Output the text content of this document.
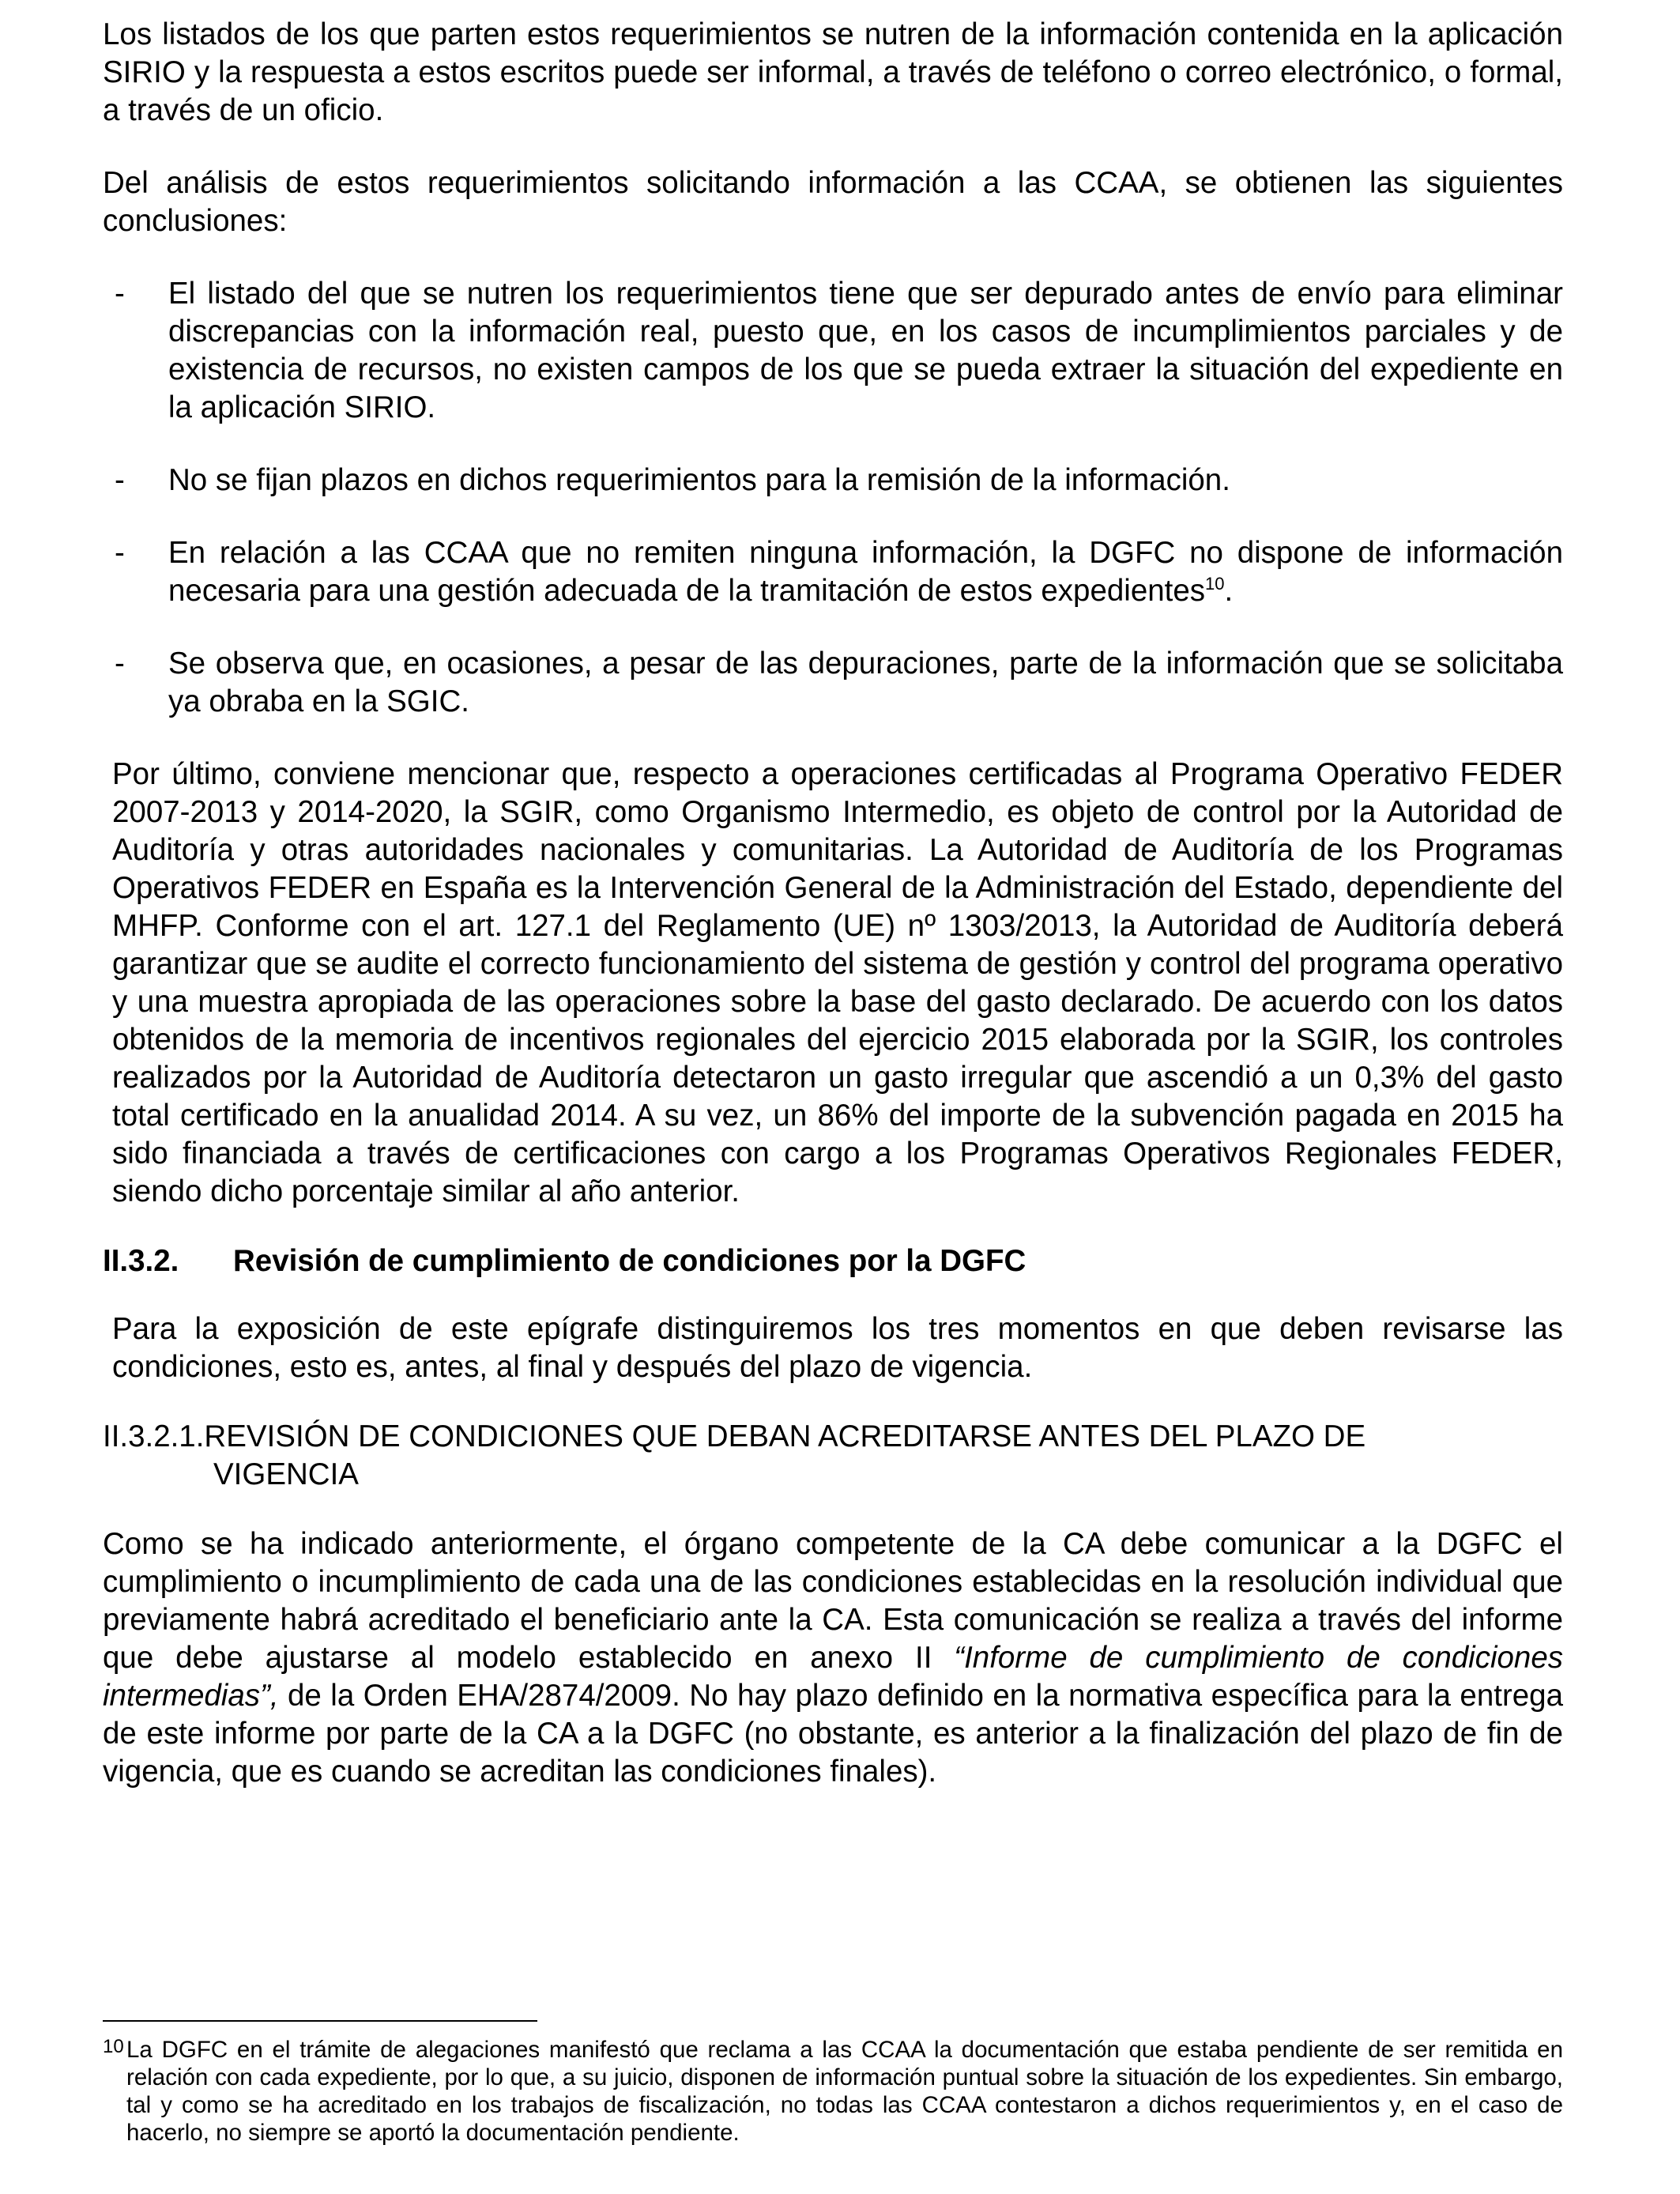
Los listados de los que parten estos requerimientos se nutren de la información contenida en la aplicación SIRIO y la respuesta a estos escritos puede ser informal, a través de teléfono o correo electrónico, o formal, a través de un oficio.

Del análisis de estos requerimientos solicitando información a las CCAA, se obtienen las siguientes conclusiones:

- El listado del que se nutren los requerimientos tiene que ser depurado antes de envío para eliminar discrepancias con la información real, puesto que, en los casos de incumplimientos parciales y de existencia de recursos, no existen campos de los que se pueda extraer la situación del expediente en la aplicación SIRIO.
- No se fijan plazos en dichos requerimientos para la remisión de la información.
- En relación a las CCAA que no remiten ninguna información, la DGFC no dispone de información necesaria para una gestión adecuada de la tramitación de estos expedientes$^{10}$.
- Se observa que, en ocasiones, a pesar de las depuraciones, parte de la información que se solicitaba ya obraba en la SGIC.

Por último, conviene mencionar que, respecto a operaciones certificadas al Programa Operativo FEDER 2007-2013 y 2014-2020, la SGIR, como Organismo Intermedio, es objeto de control por la Autoridad de Auditoría y otras autoridades nacionales y comunitarias. La Autoridad de Auditoría de los Programas Operativos FEDER en España es la Intervención General de la Administración del Estado, dependiente del MHFP. Conforme con el art. 127.1 del Reglamento (UE) nº 1303/2013, la Autoridad de Auditoría deberá garantizar que se audite el correcto funcionamiento del sistema de gestión y control del programa operativo y una muestra apropiada de las operaciones sobre la base del gasto declarado. De acuerdo con los datos obtenidos de la memoria de incentivos regionales del ejercicio 2015 elaborada por la SGIR, los controles realizados por la Autoridad de Auditoría detectaron un gasto irregular que ascendió a un 0,3% del gasto total certificado en la anualidad 2014. A su vez, un 86% del importe de la subvención pagada en 2015 ha sido financiada a través de certificaciones con cargo a los Programas Operativos Regionales FEDER, siendo dicho porcentaje similar al año anterior.

II.3.2.	Revisión de cumplimiento de condiciones por la DGFC

Para la exposición de este epígrafe distinguiremos los tres momentos en que deben revisarse las condiciones, esto es, antes, al final y después del plazo de vigencia.

II.3.2.1. REVISIÓN DE CONDICIONES QUE DEBAN ACREDITARSE ANTES DEL PLAZO DE
VIGENCIA

Como se ha indicado anteriormente, el órgano competente de la CA debe comunicar a la DGFC el cumplimiento o incumplimiento de cada una de las condiciones establecidas en la resolución individual que previamente habrá acreditado el beneficiario ante la CA. Esta comunicación se realiza a través del informe que debe ajustarse al modelo establecido en anexo II “Informe de cumplimiento de condiciones intermedias”, de la Orden EHA/2874/2009. No hay plazo definido en la normativa específica para la entrega de este informe por parte de la CA a la DGFC (no obstante, es anterior a la finalización del plazo de fin de vigencia, que es cuando se acreditan las condiciones finales).

10 La DGFC en el trámite de alegaciones manifestó que reclama a las CCAA la documentación que estaba pendiente de ser remitida en relación con cada expediente, por lo que, a su juicio, disponen de información puntual sobre la situación de los expedientes. Sin embargo, tal y como se ha acreditado en los trabajos de fiscalización, no todas las CCAA contestaron a dichos requerimientos y, en el caso de hacerlo, no siempre se aportó la documentación pendiente.
